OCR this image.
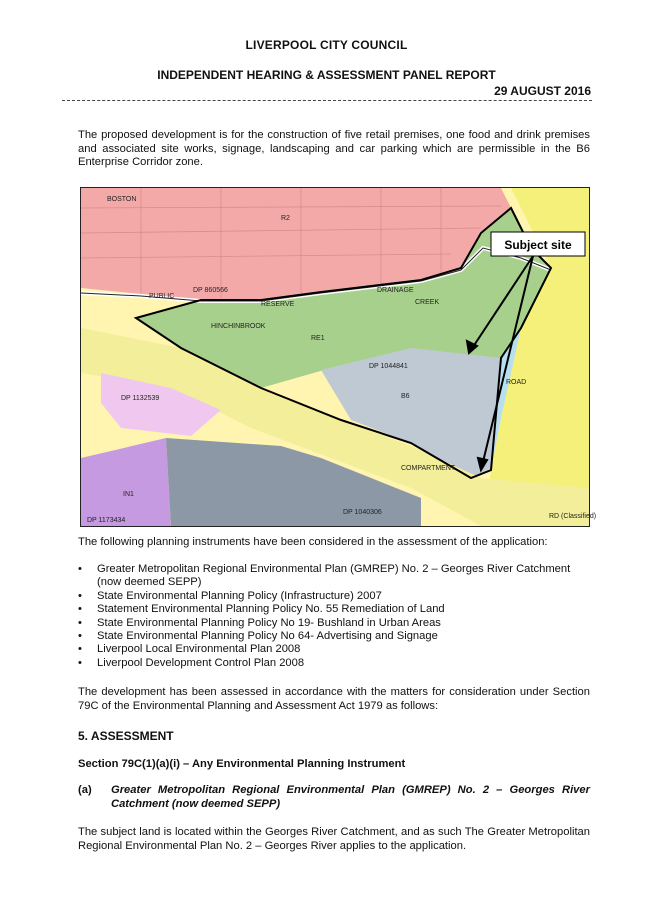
LIVERPOOL CITY COUNCIL
INDEPENDENT HEARING & ASSESSMENT PANEL REPORT
29 AUGUST 2016
The proposed development is for the construction of five retail premises, one food and drink premises and associated site works, signage, landscaping and car parking which are permissible in the B6 Enterprise Corridor zone.
Subject site
BOSTON
PUBLIC
RESERVE
DRAINAGE
CREEK
HINCHINBROOK
COMPARTMENT
ROAD
RD (Classified)
RE1
B6
IN1
R2
DP 1044841
DP 1132539
DP 1040306
DP 860566
DP 1173434
The following planning instruments have been considered in the assessment of the application:
• Greater Metropolitan Regional Environmental Plan (GMREP) No. 2 – Georges River Catchment (now deemed SEPP)
• State Environmental Planning Policy (Infrastructure) 2007
• Statement Environmental Planning Policy No. 55 Remediation of Land
• State Environmental Planning Policy No 19- Bushland in Urban Areas
• State Environmental Planning Policy No 64- Advertising and Signage
• Liverpool Local Environmental Plan 2008
• Liverpool Development Control Plan 2008
The development has been assessed in accordance with the matters for consideration under Section 79C of the Environmental Planning and Assessment Act 1979 as follows:
5. ASSESSMENT
Section 79C(1)(a)(i) – Any Environmental Planning Instrument
(a) Greater Metropolitan Regional Environmental Plan (GMREP) No. 2 – Georges River Catchment (now deemed SEPP)
The subject land is located within the Georges River Catchment, and as such The Greater Metropolitan Regional Environmental Plan No. 2 – Georges River applies to the application.
